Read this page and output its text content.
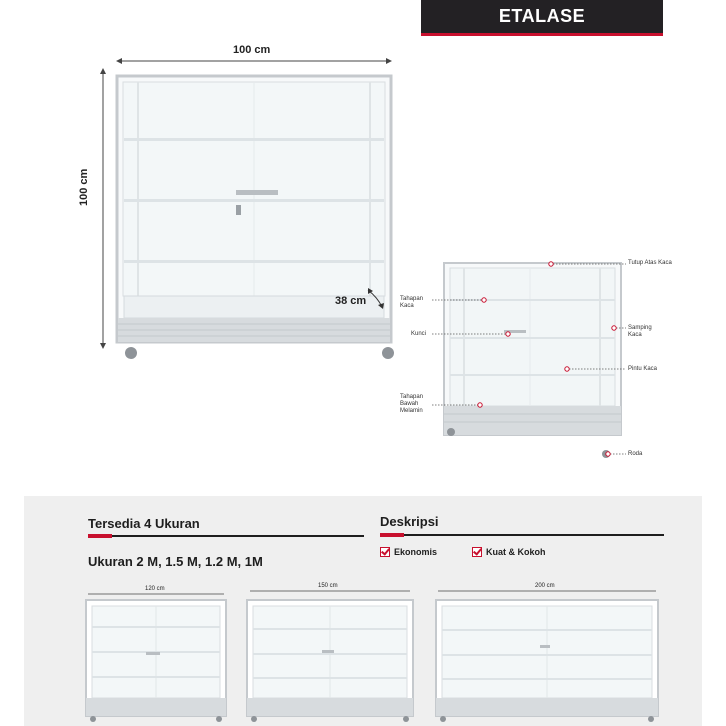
ETALASE
100 cm
100 cm
38 cm
Tutup Atas Kaca
Tahapan Kaca
Samping Kaca
Kunci
Pintu Kaca
Tahapan Bawah Melamin
Roda
Tersedia 4 Ukuran
Ukuran 2 M, 1.5 M, 1.2 M, 1M
Deskripsi
Ekonomis	Kuat & Kokoh
120 cm	150 cm	200 cm
